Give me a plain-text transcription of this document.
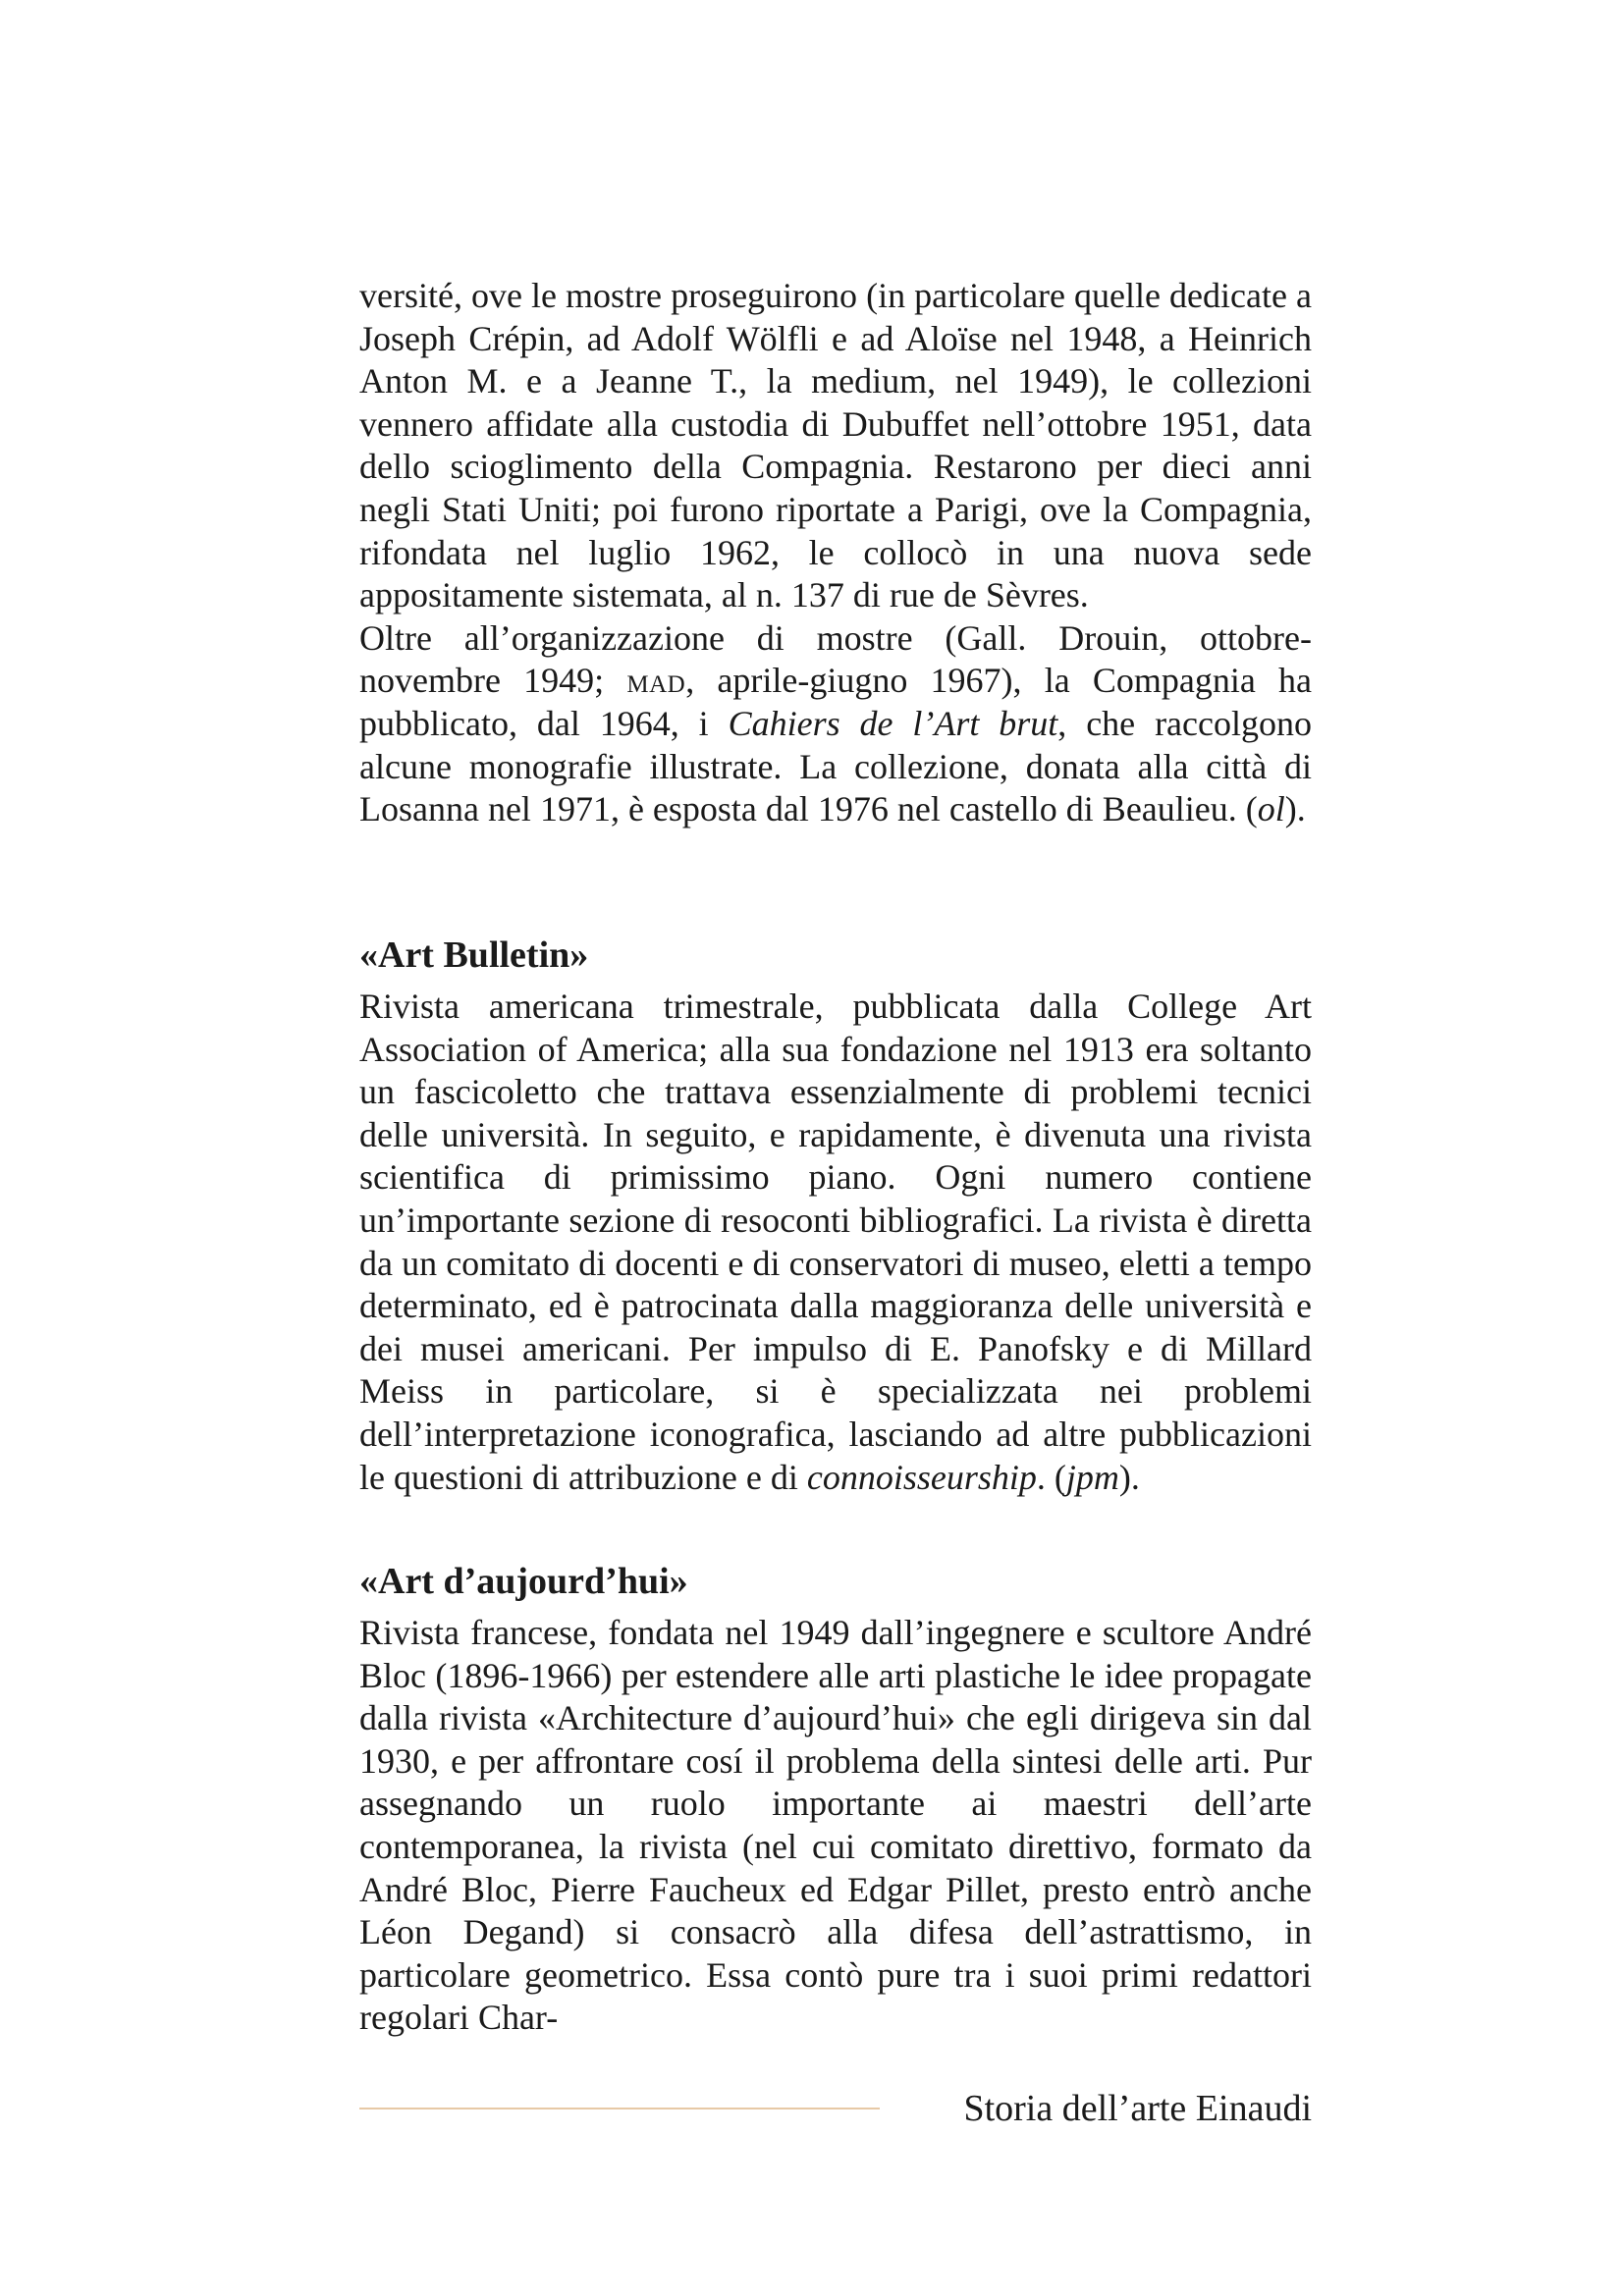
versité, ove le mostre proseguirono (in particolare quelle dedicate a Joseph Crépin, ad Adolf Wölfli e ad Aloïse nel 1948, a Heinrich Anton M. e a Jeanne T., la medium, nel 1949), le collezioni vennero affidate alla custodia di Dubuffet nell’ottobre 1951, data dello scioglimento della Compagnia. Restarono per dieci anni negli Stati Uniti; poi furono riportate a Parigi, ove la Compagnia, rifondata nel luglio 1962, le collocò in una nuova sede appositamente sistemata, al n. 137 di rue de Sèvres.

Oltre all’organizzazione di mostre (Gall. Drouin, ottobre-novembre 1949; mad, aprile-giugno 1967), la Compagnia ha pubblicato, dal 1964, i Cahiers de l’Art brut, che raccolgono alcune monografie illustrate. La collezione, donata alla città di Losanna nel 1971, è esposta dal 1976 nel castello di Beaulieu. (ol).

«Art Bulletin»

Rivista americana trimestrale, pubblicata dalla College Art Association of America; alla sua fondazione nel 1913 era soltanto un fascicoletto che trattava essenzialmente di problemi tecnici delle università. In seguito, e rapidamente, è divenuta una rivista scientifica di primissimo piano. Ogni numero contiene un’importante sezione di resoconti bibliografici. La rivista è diretta da un comitato di docenti e di conservatori di museo, eletti a tempo determinato, ed è patrocinata dalla maggioranza delle università e dei musei americani. Per impulso di E. Panofsky e di Millard Meiss in particolare, si è specializzata nei problemi dell’interpretazione iconografica, lasciando ad altre pubblicazioni le questioni di attribuzione e di connoisseurship. (jpm).

«Art d’aujourd’hui»

Rivista francese, fondata nel 1949 dall’ingegnere e scultore André Bloc (1896-1966) per estendere alle arti plastiche le idee propagate dalla rivista «Architecture d’aujourd’hui» che egli dirigeva sin dal 1930, e per affrontare cosí il problema della sintesi delle arti. Pur assegnando un ruolo importante ai maestri dell’arte contemporanea, la rivista (nel cui comitato direttivo, formato da André Bloc, Pierre Faucheux ed Edgar Pillet, presto entrò anche Léon Degand) si consacrò alla difesa dell’astrattismo, in particolare geometrico. Essa contò pure tra i suoi primi redattori regolari Char-

Storia dell’arte Einaudi
